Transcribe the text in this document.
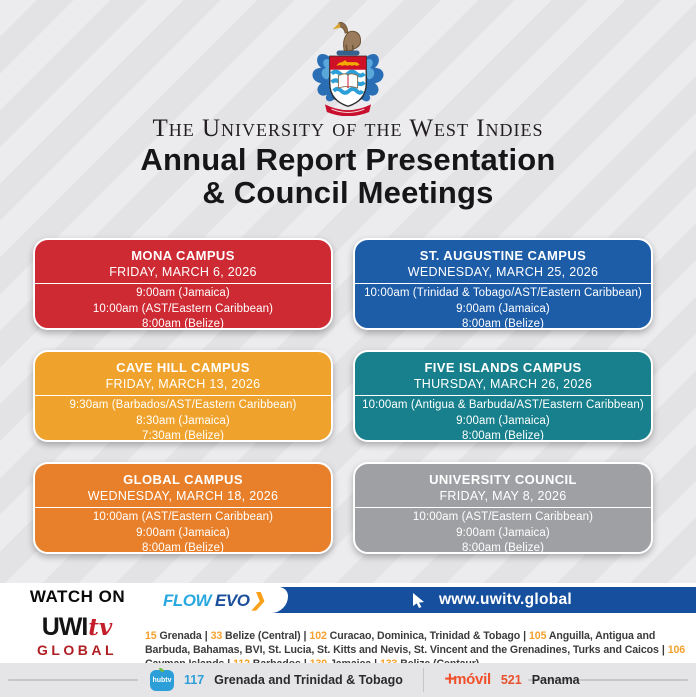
The University of the West Indies
Annual Report Presentation
& Council Meetings
MONA CAMPUS
FRIDAY, MARCH 6, 2026
9:00am (Jamaica)
10:00am (AST/Eastern Caribbean)
8:00am (Belize)
ST. AUGUSTINE CAMPUS
WEDNESDAY, MARCH 25, 2026
10:00am (Trinidad & Tobago/AST/Eastern Caribbean)
9:00am (Jamaica)
8:00am (Belize)
CAVE HILL CAMPUS
FRIDAY, MARCH 13, 2026
9:30am (Barbados/AST/Eastern Caribbean)
8:30am (Jamaica)
7:30am (Belize)
FIVE ISLANDS CAMPUS
THURSDAY, MARCH 26, 2026
10:00am (Antigua & Barbuda/AST/Eastern Caribbean)
9:00am (Jamaica)
8:00am (Belize)
GLOBAL CAMPUS
WEDNESDAY, MARCH 18, 2026
10:00am (AST/Eastern Caribbean)
9:00am (Jamaica)
8:00am (Belize)
UNIVERSITY COUNCIL
FRIDAY, MAY 8, 2026
10:00am (AST/Eastern Caribbean)
9:00am (Jamaica)
8:00am (Belize)
WATCH ON	FLOW EVO❯	www.uwitv.global
UWItv
GLOBAL

15 Grenada | 33 Belize (Central) | 102 Curacao, Dominica, Trinidad & Tobago | 105 Anguilla, Antigua and Barbuda, Bahamas, BVI, St. Lucia, St. Kitts and Nevis, St. Vincent and the Grenadines, Turks and Caicos | 106

hubtv 117 Grenada and Trinidad & Tobago +móvil 521 Panama
